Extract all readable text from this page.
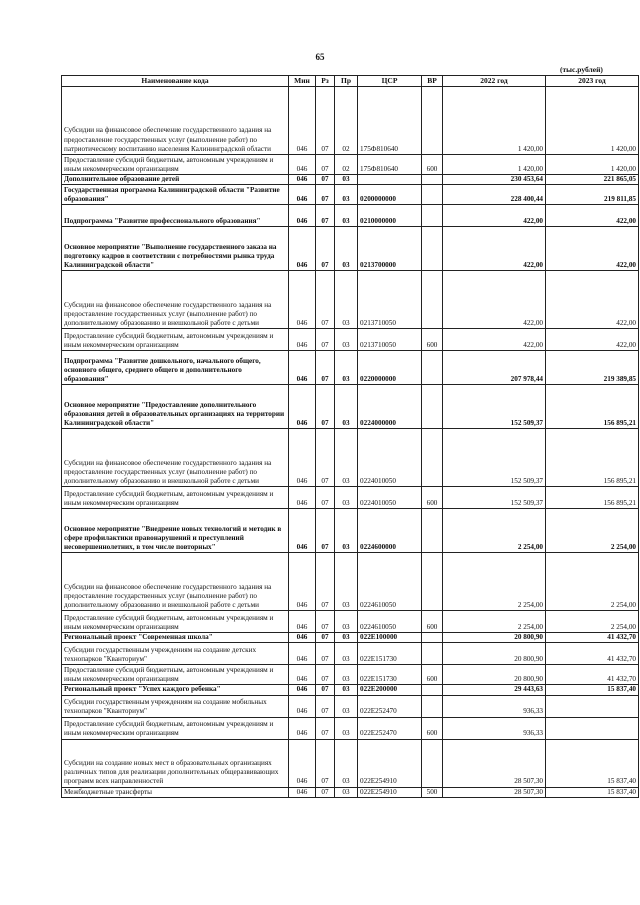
65
(тыс.рублей)
Наименование кода	Мин	Рз	Пр	ЦСР	ВР	2022 год	2023 год
Субсидии на финансовое обеспечение государственного задания на предоставление государственных услуг (выполнение работ) по патриотическому воспитанию населения Калининградской области	046	07	02	175Ф810640		1 420,00	1 420,00
Предоставление субсидий бюджетным, автономным учреждениям и иным некоммерческим организациям	046	07	02	175Ф810640	600	1 420,00	1 420,00
Дополнительное образование детей	046	07	03			230 453,64	221 865,05
Государственная программа Калининградской области "Развитие образования"	046	07	03	0200000000		228 400,44	219 811,85
Подпрограмма "Развитие профессионального образования"	046	07	03	0210000000		422,00	422,00
Основное мероприятие "Выполнение государственного заказа на подготовку кадров в соответствии с потребностями рынка труда Калининградской области"	046	07	03	0213700000		422,00	422,00
Субсидии на финансовое обеспечение государственного задания на предоставление государственных услуг (выполнение работ) по дополнительному образованию и внешкольной работе с детьми	046	07	03	0213710050		422,00	422,00
Предоставление субсидий бюджетным, автономным учреждениям и иным некоммерческим организациям	046	07	03	0213710050	600	422,00	422,00
Подпрограмма "Развитие дошкольного, начального общего, основного общего, среднего общего и дополнительного образования"	046	07	03	0220000000		207 978,44	219 389,85
Основное мероприятие "Предоставление дополнительного образования детей в образовательных организациях на территории Калининградской области"	046	07	03	0224000000		152 509,37	156 895,21
Субсидии на финансовое обеспечение государственного задания на предоставление государственных услуг (выполнение работ) по дополнительному образованию и внешкольной работе с детьми	046	07	03	0224010050		152 509,37	156 895,21
Предоставление субсидий бюджетным, автономным учреждениям и иным некоммерческим организациям	046	07	03	0224010050	600	152 509,37	156 895,21
Основное мероприятие "Внедрение новых технологий и методик в сфере профилактики правонарушений и преступлений несовершеннолетних, в том числе повторных"	046	07	03	0224600000		2 254,00	2 254,00
Субсидии на финансовое обеспечение государственного задания на предоставление государственных услуг (выполнение работ) по дополнительному образованию и внешкольной работе с детьми	046	07	03	0224610050		2 254,00	2 254,00
Предоставление субсидий бюджетным, автономным учреждениям и иным некоммерческим организациям	046	07	03	0224610050	600	2 254,00	2 254,00
Региональный проект "Современная школа"	046	07	03	022E100000		20 800,90	41 432,70
Субсидии государственным учреждениям на создание детских технопарков "Кванториум"	046	07	03	022E151730		20 800,90	41 432,70
Предоставление субсидий бюджетным, автономным учреждениям и иным некоммерческим организациям	046	07	03	022E151730	600	20 800,90	41 432,70
Региональный проект "Успех каждого ребенка"	046	07	03	022E200000		29 443,63	15 837,40
Субсидии государственным учреждениям на создание мобильных технопарков "Кванториум"	046	07	03	022E252470		936,33	
Предоставление субсидий бюджетным, автономным учреждениям и иным некоммерческим организациям	046	07	03	022E252470	600	936,33	
Субсидии на создание новых мест в образовательных организациях различных типов для реализации дополнительных общеразвивающих программ всех направленностей	046	07	03	022E254910		28 507,30	15 837,40
Межбюджетные трансферты	046	07	03	022E254910	500	28 507,30	15 837,40
